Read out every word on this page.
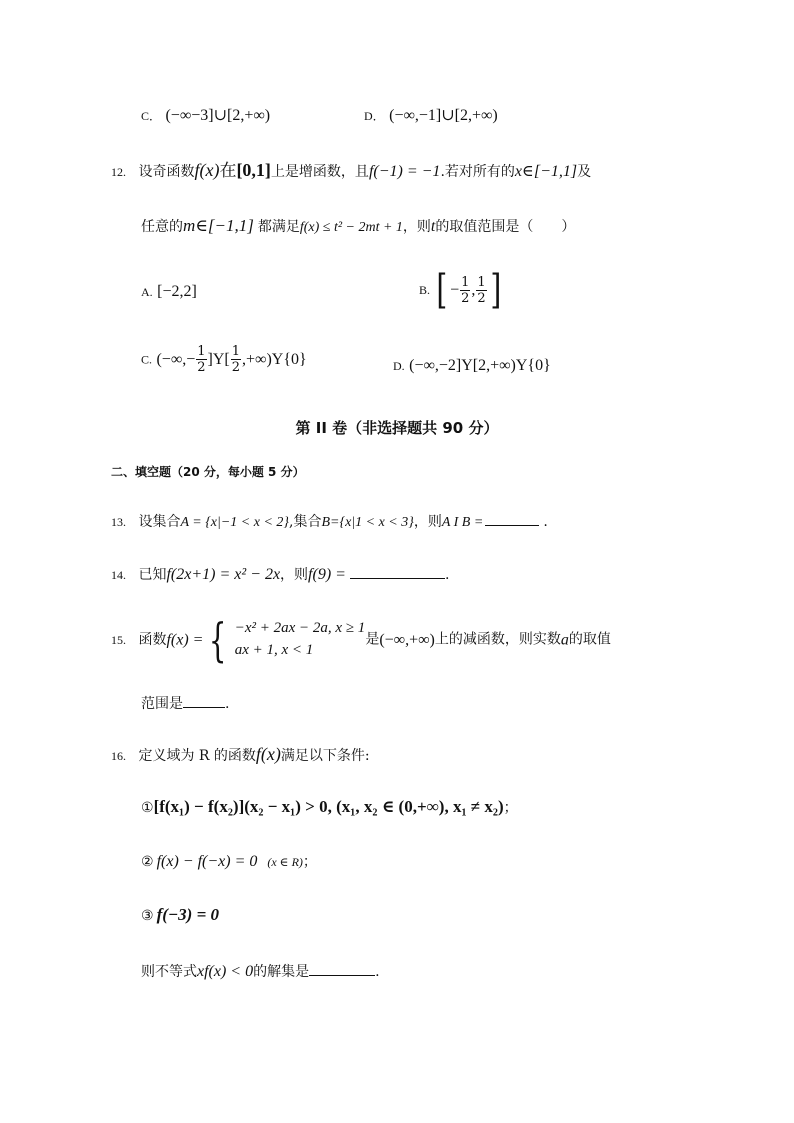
C． (−∞−3]∪[2,+∞)	D． (−∞,−1]∪[2,+∞)
12. 设奇函数f(x)在[0,1]上是增函数，且f(−1) = −1.若对所有的x∈[−1,1]及
任意的m∈[−1,1] 都满足f(x) ≤ t² − 2mt + 1，则t的取值范围是（　　）
A. [−2,2]	B. [ − $\frac{1}{2}$ , $\frac{1}{2}$ ]
C. (−∞,− $\frac{1}{2} ]Y[ \frac{1}{2} ,+\infty)Y\{0\}$	D. (−∞,−2]Y[2,+∞)Y{0}
第 II 卷（非选择题共 90 分）
二、填空题（20 分，每小题 5 分）
13. 设集合A = {x|−1 < x < 2},集合B={x|1 < x < 3}，则A I B =	.
14. 已知f(2x+1) = x² − 2x，则f(9) =	.
15. 函数f(x) = { −x² + 2ax − 2a, x ≥ 1
ax + 1, x < 1
是(−∞,+∞)上的减函数，则实数a的取值
范围是	.
16. 定义域为 R 的函数f(x)满足以下条件:
①[f(x₁) − f(x₂)](x₂ − x₁) > 0, (x₁, x₂ ∈ (0,+∞), x₁ ≠ x₂)；
② f(x) − f(−x) = 0 (x ∈ R)；
③ f(−3) = 0
则不等式xf(x) < 0的解集是	.
